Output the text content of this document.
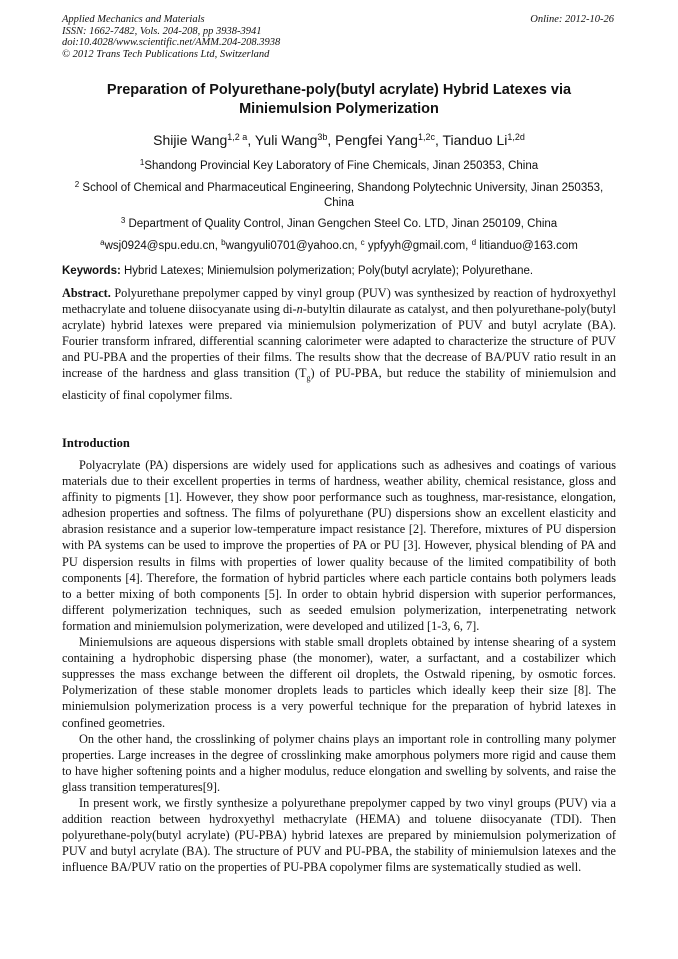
Applied Mechanics and Materials
ISSN: 1662-7482, Vols. 204-208, pp 3938-3941
doi:10.4028/www.scientific.net/AMM.204-208.3938
© 2012 Trans Tech Publications Ltd, Switzerland
Online: 2012-10-26
Preparation of Polyurethane-poly(butyl acrylate) Hybrid Latexes via
Miniemulsion Polymerization
Shijie Wang$^{1,2 a}$, Yuli Wang$^{3b}$, Pengfei Yang$^{1,2c}$, Tianduo $Li^{1,2d}$
$^1$Shandong Provincial Key Laboratory of Fine Chemicals, Jinan 250353, China
$^2$ School of Chemical and Pharmaceutical Engineering, Shandong Polytechnic University, Jinan 250353, China
$^3$ Department of Quality Control, Jinan Gengchen Steel Co. LTD, Jinan 250109, China
$^a$wsj0924@spu.edu.cn, $^b$wangyuli0701@yahoo.cn, $^c$ ypfyyh@gmail.com, $^d$ litianduo@163.com
Keywords: Hybrid Latexes; Miniemulsion polymerization; Poly(butyl acrylate); Polyurethane.
Abstract. Polyurethane prepolymer capped by vinyl group (PUV) was synthesized by reaction of hydroxyethyl methacrylate and toluene diisocyanate using di-n-butyltin dilaurate as catalyst, and then polyurethane-poly(butyl acrylate) hybrid latexes were prepared via miniemulsion polymerization of PUV and butyl acrylate (BA). Fourier transform infrared, differential scanning calorimeter were adapted to characterize the structure of PUV and PU-PBA and the properties of their films. The results show that the decrease of BA/PUV ratio result in an increase of the hardness and glass transition $(T_g)$ of PU-PBA, but reduce the stability of miniemulsion and elasticity of final copolymer films.
Introduction

Polyacrylate (PA) dispersions are widely used for applications such as adhesives and coatings of various materials due to their excellent properties in terms of hardness, weather ability, chemical resistance, gloss and affinity to pigments [1]. However, they show poor performance such as toughness, mar-resistance, elongation, adhesion properties and softness. The films of polyurethane (PU) dispersions show an excellent elasticity and abrasion resistance and a superior low-temperature impact resistance [2]. Therefore, mixtures of PU dispersion with PA systems can be used to improve the properties of PA or PU [3]. However, physical blending of PA and PU dispersion results in films with properties of lower quality because of the limited compatibility of both components [4]. Therefore, the formation of hybrid particles where each particle contains both polymers leads to a better mixing of both components [5]. In order to obtain hybrid dispersion with superior performances, different polymerization techniques, such as seeded emulsion polymerization, interpenetrating network formation and miniemulsion polymerization, were developed and utilized [1-3, 6, 7].

Miniemulsions are aqueous dispersions with stable small droplets obtained by intense shearing of a system containing a hydrophobic dispersing phase (the monomer), water, a surfactant, and a costabilizer which suppresses the mass exchange between the different oil droplets, the Ostwald ripening, by osmotic forces. Polymerization of these stable monomer droplets leads to particles which ideally keep their size [8]. The miniemulsion polymerization process is a very powerful technique for the preparation of hybrid latexes in confined geometries.

On the other hand, the crosslinking of polymer chains plays an important role in controlling many polymer properties. Large increases in the degree of crosslinking make amorphous polymers more rigid and cause them to have higher softening points and a higher modulus, reduce elongation and swelling by solvents, and raise the glass transition temperatures[9].

In present work, we firstly synthesize a polyurethane prepolymer capped by two vinyl groups (PUV) via a addition reaction between hydroxyethyl methacrylate (HEMA) and toluene diisocyanate (TDI). Then polyurethane-poly(butyl acrylate) (PU-PBA) hybrid latexes are prepared by miniemulsion polymerization of PUV and butyl acrylate (BA). The structure of PUV and PU-PBA, the stability of miniemulsion latexes and the influence BA/PUV ratio on the properties of PU-PBA copolymer films are systematically studied as well.
